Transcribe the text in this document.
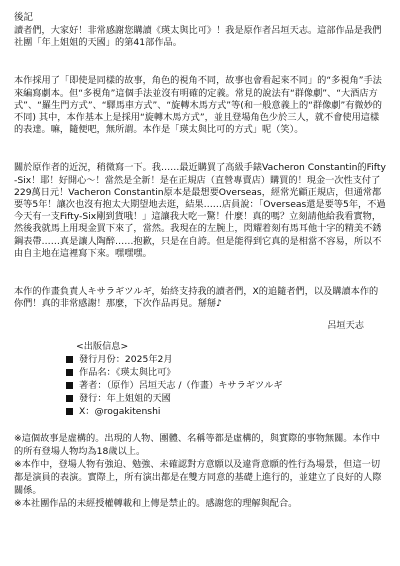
後記

讀者們，大家好！非常感謝您購讀《瑛太與比可》！我是原作者呂垣天志。這部作品是我們社團「年上姐姐的天國」的第41部作品。

本作採用了「即使是同樣的故事，角色的視角不同，故事也會看起來不同」的“多視角”手法來編寫劇本。但“多視角”這個手法並沒有明確的定義。常見的說法有“群像劇”、“大酒店方式”、“羅生門方式”、“驛馬車方式”、“旋轉木馬方式”等(和一般意義上的“群像劇”有微妙的不同) 其中，本作基本上是採用“旋轉木馬方式”，並且登場角色少於三人，就不會使用這樣的表達。嘛，隨便吧，無所謂。本作是「瑛太與比可的方式」呢（笑）。

關於原作者的近況，稍微寫一下。我……最近購買了高級手錶Vacheron Constantin的Fifty-Six！耶！好開心～！當然是全新！是在正規店（直營專賣店）購買的！現金一次性支付了229萬日元！Vacheron Constantin原本是最想要Overseas，經常光顧正規店，但通常都要等5年！讓次也沒有抱太大期望地去逛，結果……店員說：「Overseas還是要等5年，不過今天有一支Fifty-Six剛到貨哦！」這讓我大吃一驚！什麼！真的嗎？立刻請他給我看實物，然後我就馬上用現金買下來了，當然。我現在的左腕上，閃耀着刻有馬耳他十字的精美不銹鋼表帶……真是讓人陶醉……抱歉，只是在自誇。但是能得到它真的是相當不容易，所以不由自主地在這裡寫下來。嘿嘿嘿。

本作的作畫負責人キサラギツルギ，始終支持我的讀者們，X的追隨者們，以及購讀本作的你們！真的非常感謝！那麼，下次作品再見。掰掰♪

呂垣天志
<出版信息>
發行月份：2025年2月
作品名：《瑛太與比可》
著者：（原作）呂垣天志 /（作畫）キサラギツルギ
發行：年上姐姐的天國
X：@rogakitenshi

※這個故事是虛構的。出現的人物、團體、名稱等都是虛構的，與實際的事物無關。本作中的所有登場人物均為18歲以上。

※本作中，登場人物有強迫、勉強、未確認對方意願以及違背意願的性行為場景，但這一切都是演員的表演。實際上，所有演出都是在雙方同意的基礎上進行的，並建立了良好的人際關係。

※本社團作品的未經授權轉載和上傳是禁止的。感謝您的理解與配合。
